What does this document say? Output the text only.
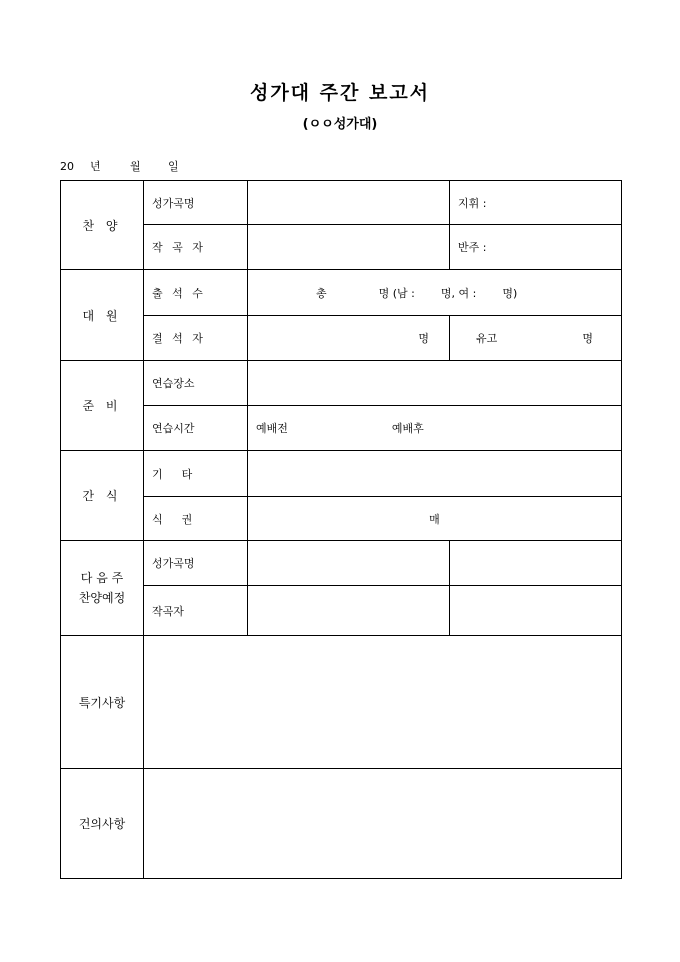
성가대 주간 보고서
(ㅇㅇ성가대)
20 년	월 일
찬 양	성가곡명		지휘 :
	작 곡 자		반주 :
대 원	출 석 수	총 명 (남 : 명, 여 : 명)	
	결 석 자	명	유고 명

준 비	연습장소		
	연습시간	예배전 예배후	
간 식	기  타		
	식  권	매	

다 음 주
찬양예정	성가곡명		
	작곡자		
특기사항			
건의사항			
